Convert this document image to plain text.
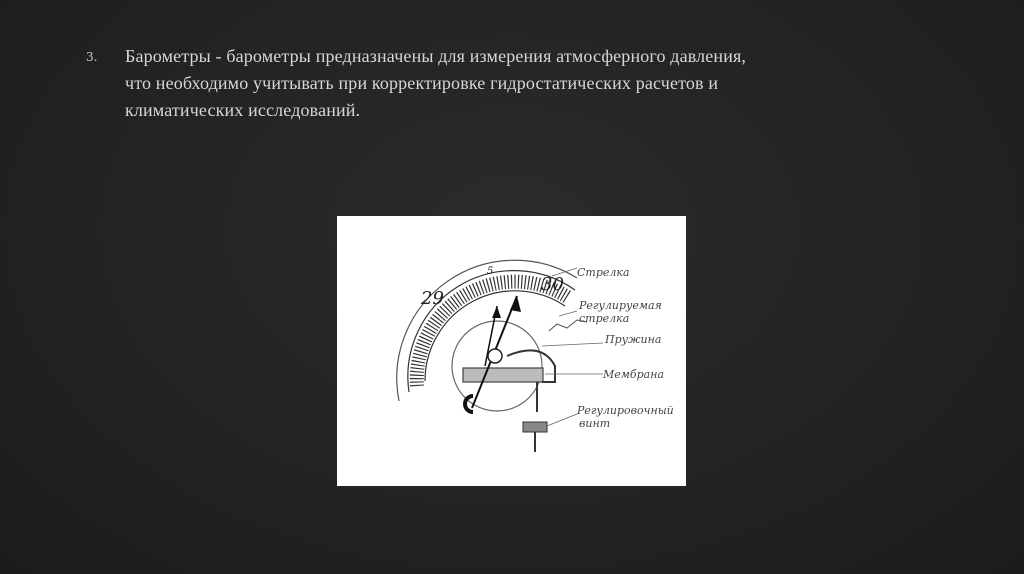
3. Барометры - барометры предназначены для измерения атмосферного давления,
что необходимо учитывать при корректировке гидростатических расчетов и
климатических исследований.
29
30
5	Стрелка
Регулируемая
стрелка
Пружина
Мембрана
Регулировочный
винт
